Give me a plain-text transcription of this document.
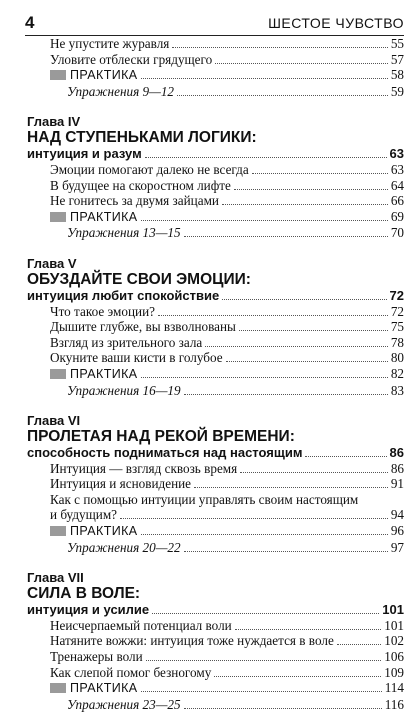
4	ШЕСТОЕ ЧУВСТВО
Не упустите журавля	55
Уловите отблески грядущего	57
ПРАКТИКА	58
Упражнения 9—12	59
Глава IV
НАД СТУПЕНЬКАМИ ЛОГИКИ:
интуиция и разум	63
Эмоции помогают далеко не всегда	63
В будущее на скоростном лифте	64
Не гонитесь за двумя зайцами	66
ПРАКТИКА	69
Упражнения 13—15	70
Глава V
ОБУЗДАЙТЕ СВОИ ЭМОЦИИ:
интуиция любит спокойствие	72
Что такое эмоции?	72
Дышите глубже, вы взволнованы	75
Взгляд из зрительного зала	78
Окуните ваши кисти в голубое	80
ПРАКТИКА	82
Упражнения 16—19	83
Глава VI
ПРОЛЕТАЯ НАД РЕКОЙ ВРЕМЕНИ:
способность подниматься над настоящим	86
Интуиция — взгляд сквозь время	86
Интуиция и ясновидение	91
Как с помощью интуиции управлять своим настоящим
и будущим?	94
ПРАКТИКА	96
Упражнения 20—22	97
Глава VII
СИЛА В ВОЛЕ:
интуиция и усилие	101
Неисчерпаемый потенциал воли	101
Натяните вожжи: интуиция тоже нуждается в воле	102
Тренажеры воли	106
Как слепой помог безногому	109
ПРАКТИКА	114
Упражнения 23—25	116
